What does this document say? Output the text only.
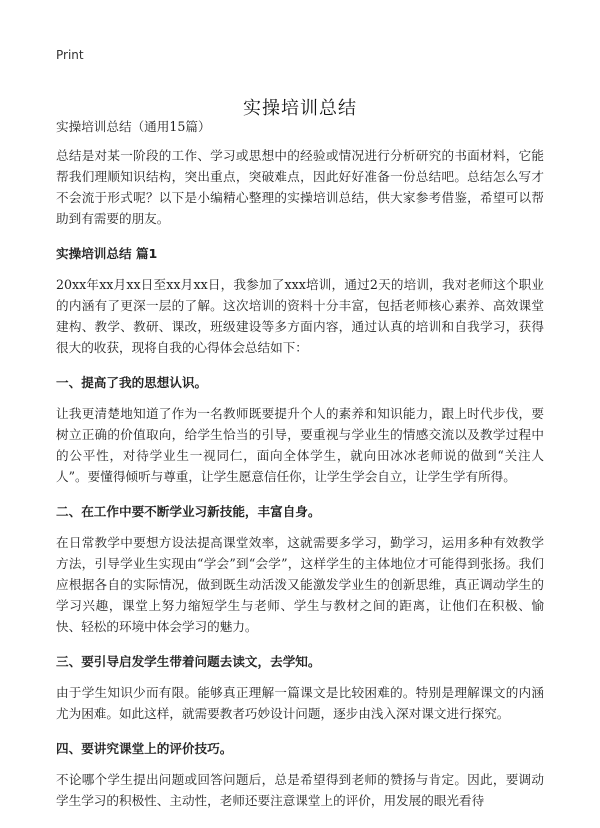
Print
实操培训总结

实操培训总结（通用15篇）

总结是对某一阶段的工作、学习或思想中的经验或情况进行分析研究的书面材料，它能帮我们理顺知识结构，突出重点，突破难点，因此好好准备一份总结吧。总结怎么写才不会流于形式呢？以下是小编精心整理的实操培训总结，供大家参考借鉴，希望可以帮助到有需要的朋友。

实操培训总结 篇1

20xx年xx月xx日至xx月xx日，我参加了xxx培训，通过2天的培训，我对老师这个职业的内涵有了更深一层的了解。这次培训的资料十分丰富，包括老师核心素养、高效课堂建构、教学、教研、课改，班级建设等多方面内容，通过认真的培训和自我学习，获得很大的收获，现将自我的心得体会总结如下：

一、提高了我的思想认识。

让我更清楚地知道了作为一名教师既要提升个人的素养和知识能力，跟上时代步伐，要树立正确的价值取向，给学生恰当的引导，要重视与学业生的情感交流以及教学过程中的公平性，对待学业生一视同仁，面向全体学生，就向田冰冰老师说的做到“关注人人”。要懂得倾听与尊重，让学生愿意信任你，让学生学会自立，让学生学有所得。

二、在工作中要不断学业习新技能，丰富自身。

在日常教学中要想方设法提高课堂效率，这就需要多学习，勤学习，运用多种有效教学方法，引导学业生实现由“学会”到“会学”，这样学生的主体地位才可能得到张扬。我们应根据各自的实际情况，做到既生动活泼又能激发学业生的创新思维，真正调动学生的学习兴趣，课堂上努力缩短学生与老师、学生与教材之间的距离，让他们在积极、愉快、轻松的环境中体会学习的魅力。

三、要引导启发学生带着问题去读文，去学知。

由于学生知识少而有限。能够真正理解一篇课文是比较困难的。特别是理解课文的内涵尤为困难。如此这样，就需要教者巧妙设计问题，逐步由浅入深对课文进行探究。

四、要讲究课堂上的评价技巧。

不论哪个学生提出问题或回答问题后，总是希望得到老师的赞扬与肯定。因此，要调动学生学习的积极性、主动性，老师还要注意课堂上的评价，用发展的眼光看待
